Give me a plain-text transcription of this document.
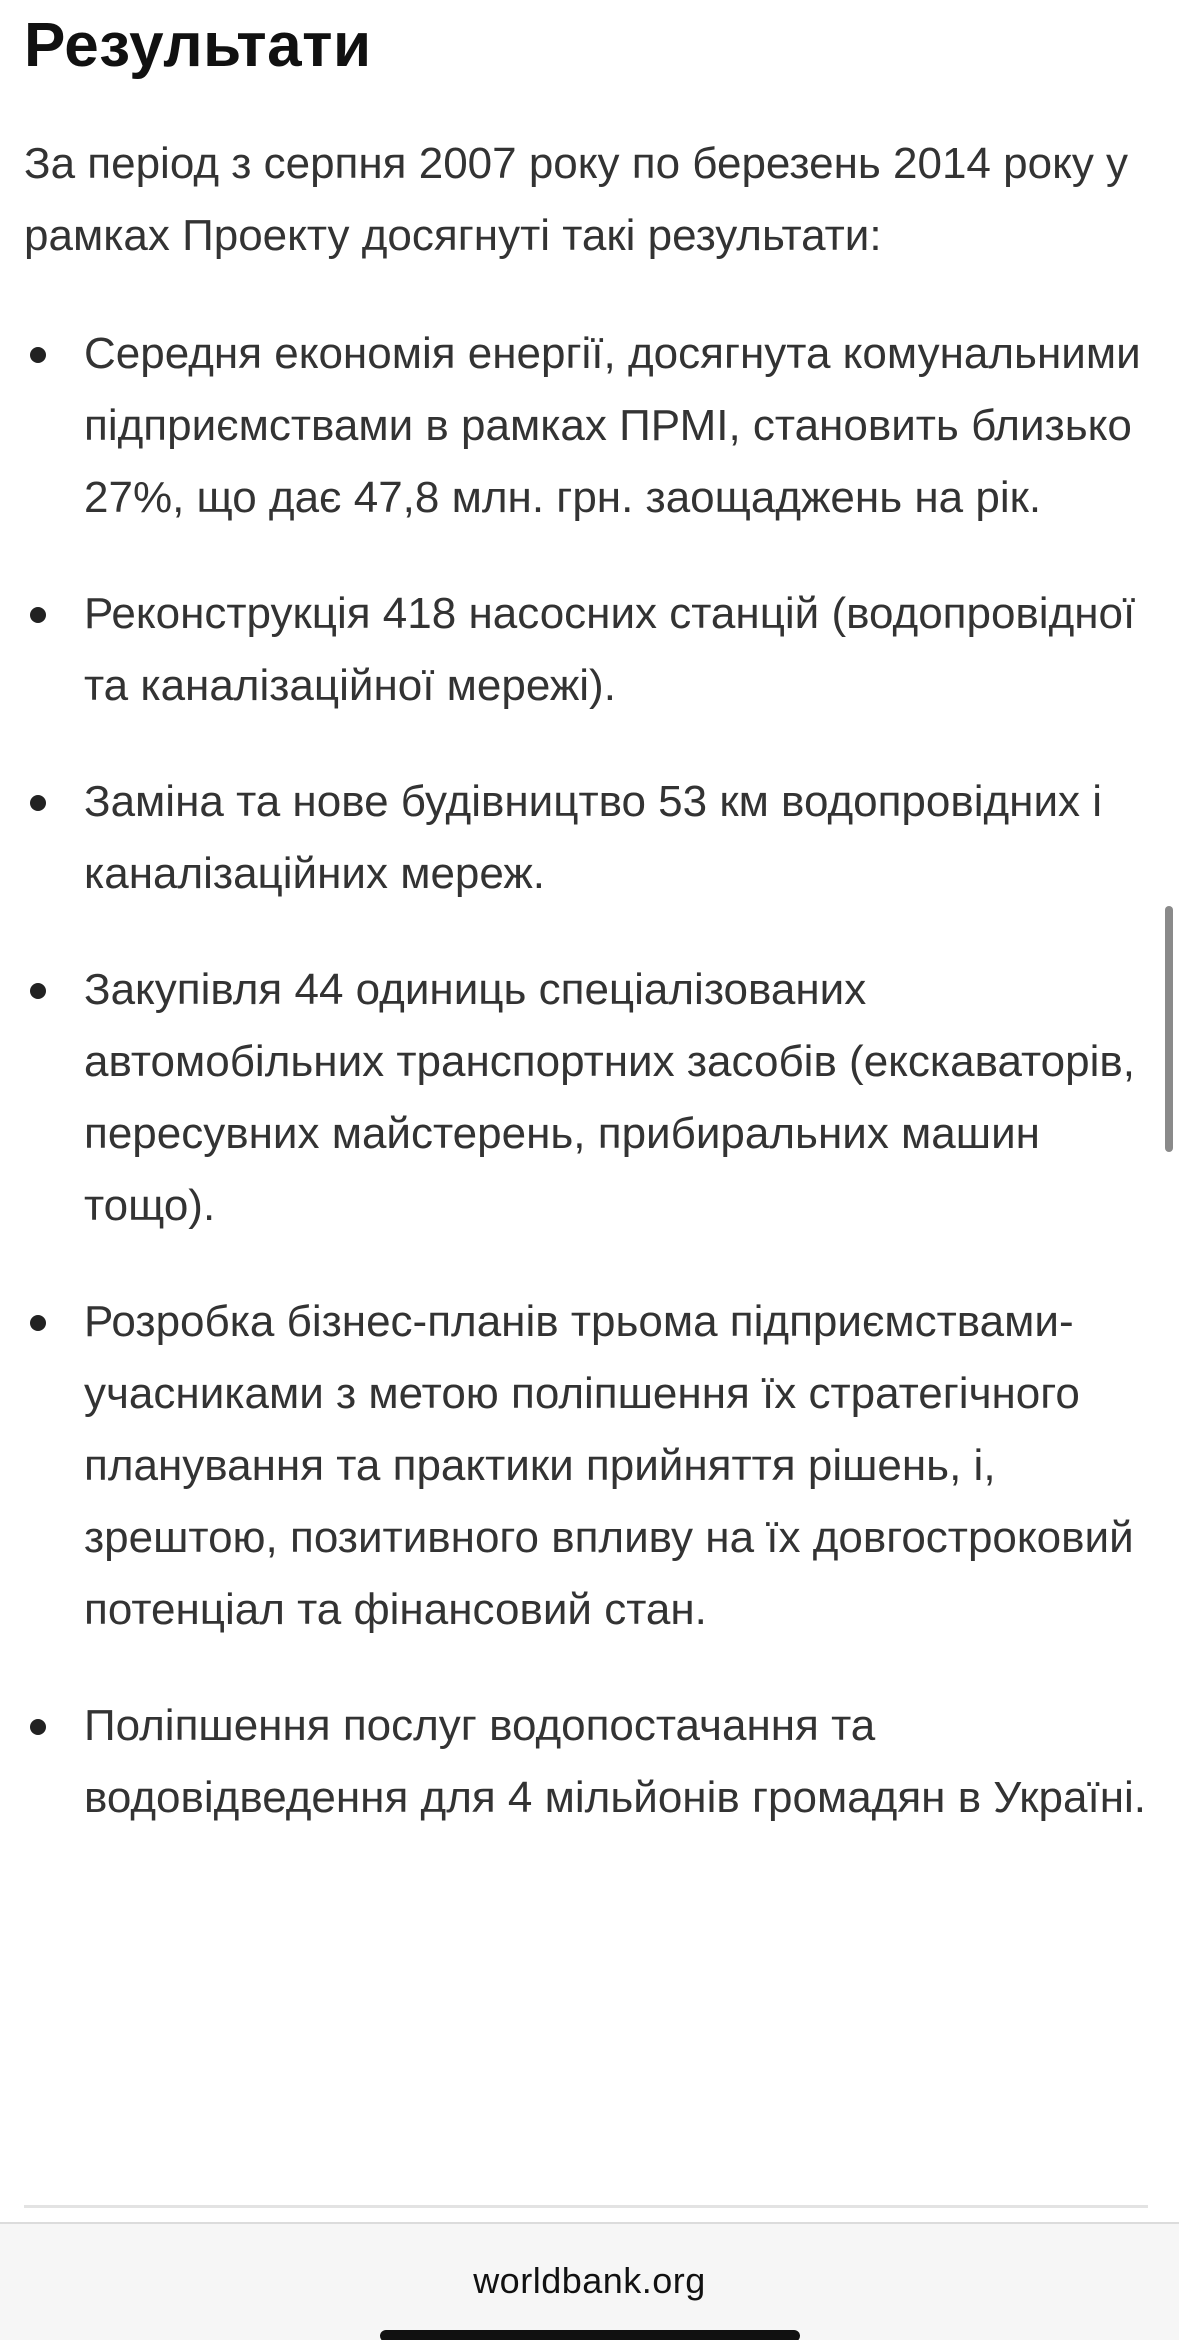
Результати

За період з серпня 2007 року по березень 2014 року у рамках Проекту досягнуті такі результати:

Середня економія енергії, досягнута комунальними підприємствами в рамках ПРМІ, становить близько 27%, що дає 47,8 млн. грн. заощаджень на рік.
Реконструкція 418 насосних станцій (водопровідної та каналізаційної мережі).
Заміна та нове будівництво 53 км водопровідних і каналізаційних мереж.
Закупівля 44 одиниць спеціалізованих автомобільних транспортних засобів (екскаваторів, пересувних майстерень, прибиральних машин тощо).
Розробка бізнес-планів трьома підприємствами-учасниками з метою поліпшення їх стратегічного планування та практики прийняття рішень, і, зрештою, позитивного впливу на їх довгостроковий потенціал та фінансовий стан.
Поліпшення послуг водопостачання та водовідведення для 4 мільйонів громадян в Україні.
worldbank.org
